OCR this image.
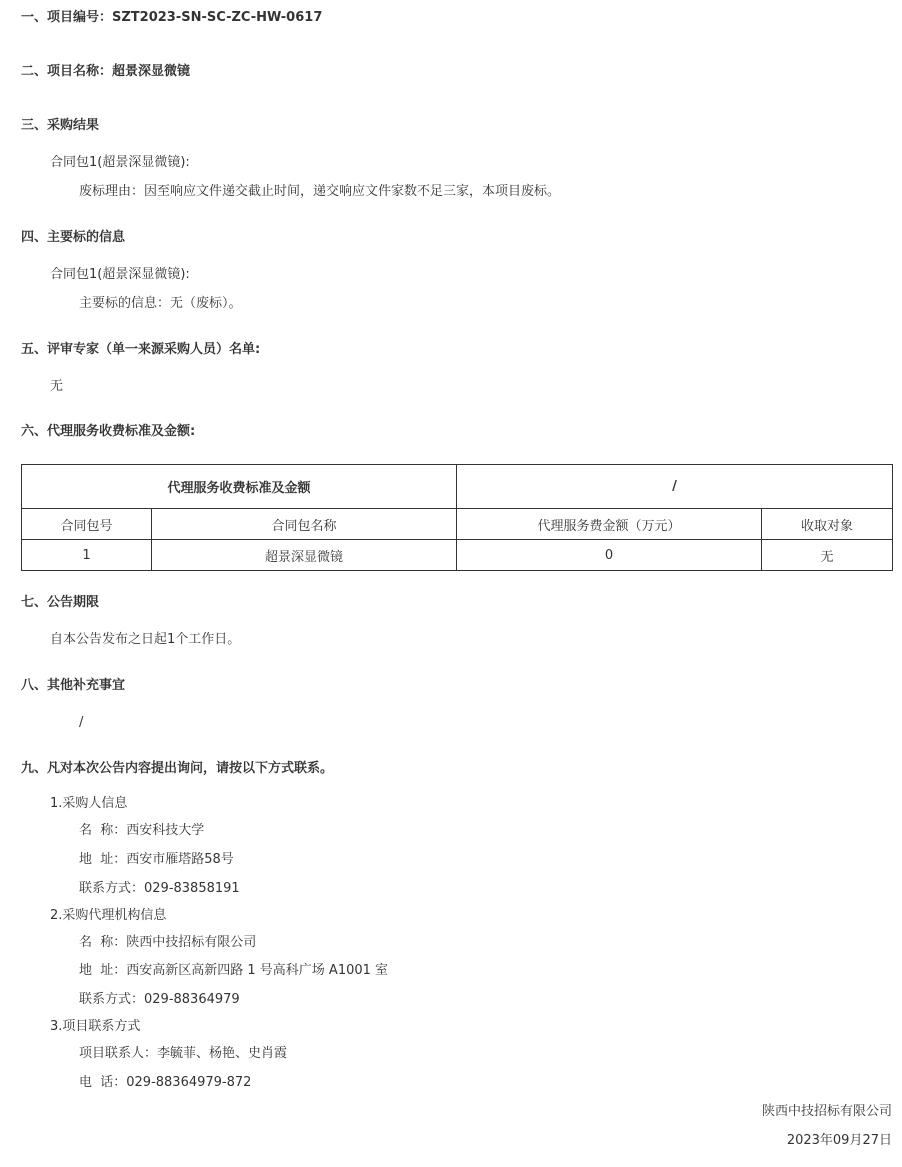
一、项目编号：SZT2023-SN-SC-ZC-HW-0617
二、项目名称：超景深显微镜
三、采购结果
合同包1(超景深显微镜):
废标理由：因至响应文件递交截止时间，递交响应文件家数不足三家，本项目废标。
四、主要标的信息
合同包1(超景深显微镜):
主要标的信息：无（废标）。
五、评审专家（单一来源采购人员）名单:
无
六、代理服务收费标准及金额:
代理服务收费标准及金额		/	
合同包号	合同包名称	代理服务费金额（万元）	收取对象
1	超景深显微镜	0	无
七、公告期限
自本公告发布之日起1个工作日。
八、其他补充事宜
/
九、凡对本次公告内容提出询问，请按以下方式联系。
1.采购人信息
名  称：西安科技大学
地  址：西安市雁塔路58号
联系方式：029-83858191
2.采购代理机构信息
名  称：陕西中技招标有限公司
地  址：西安高新区高新四路 1 号高科广场 A1001 室
联系方式：029-88364979
3.项目联系方式
项目联系人：李毓菲、杨艳、史肖霞
电  话：029-88364979-872
陕西中技招标有限公司
2023年09月27日
